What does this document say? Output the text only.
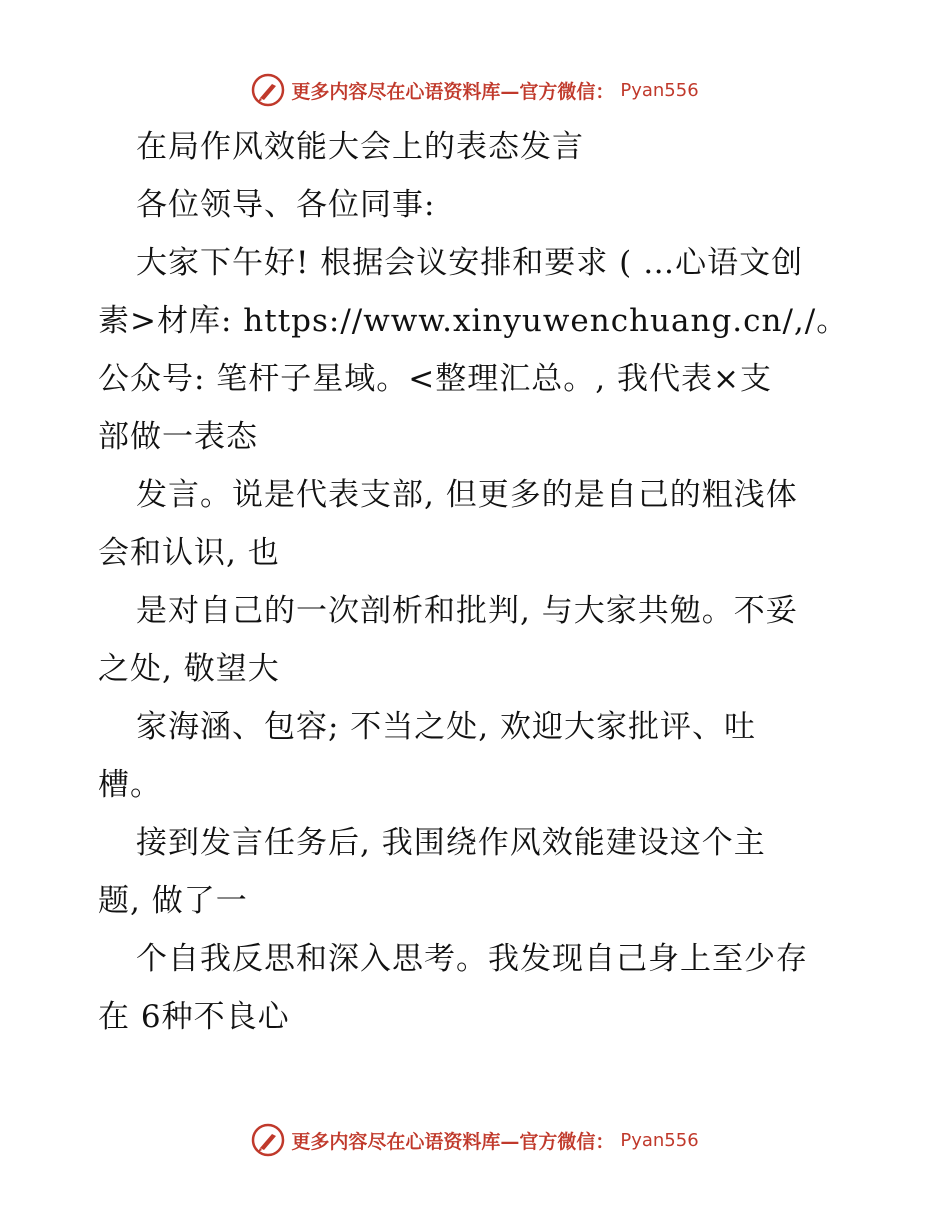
更多内容尽在心语资料库—官方微信： Pyan556
在局作风效能大会上的表态发言
各位领导、各位同事:
大家下午好! 根据会议安排和要求 ( …心语文创
素>材库: https://www.xinyuwenchuang.cn/,/。
公众号: 笔杆子星域。<整理汇总。, 我代表×支
部做一表态
发言。说是代表支部, 但更多的是自己的粗浅体
会和认识, 也
是对自己的一次剖析和批判, 与大家共勉。不妥
之处, 敬望大
家海涵、包容; 不当之处, 欢迎大家批评、吐
槽。
接到发言任务后, 我围绕作风效能建设这个主
题, 做了一
个自我反思和深入思考。我发现自己身上至少存
在 6种不良心
更多内容尽在心语资料库—官方微信： Pyan556
